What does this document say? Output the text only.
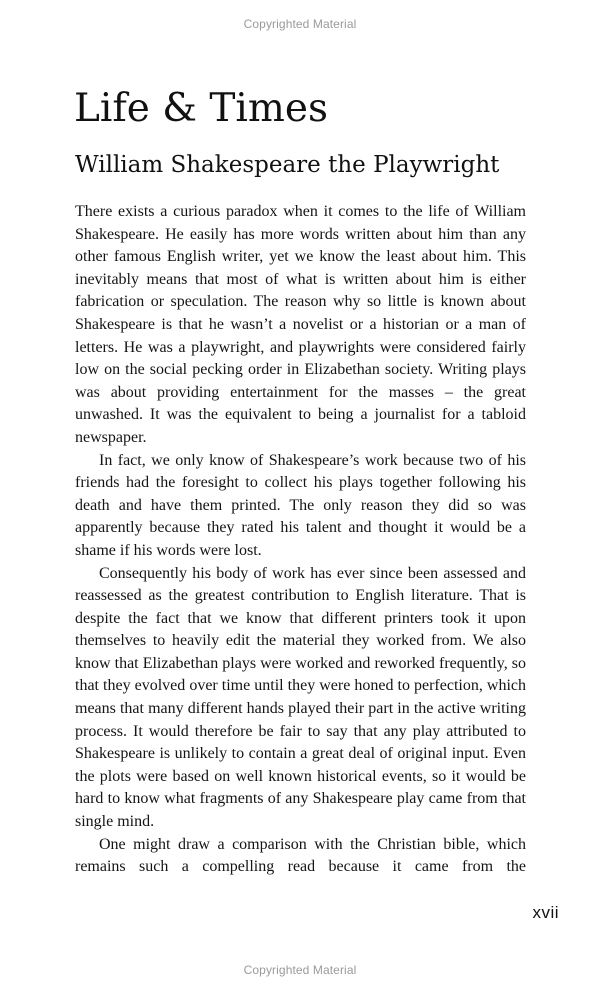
Copyrighted Material
Life & Times
William Shakespeare the Playwright

There exists a curious paradox when it comes to the life of William Shakespeare. He easily has more words written about him than any other famous English writer, yet we know the least about him. This inevitably means that most of what is written about him is either fabrication or speculation. The reason why so little is known about Shakespeare is that he wasn’t a novelist or a historian or a man of letters. He was a playwright, and playwrights were considered fairly low on the social pecking order in Elizabethan society. Writing plays was about providing entertainment for the masses – the great unwashed. It was the equivalent to being a journalist for a tabloid newspaper.

In fact, we only know of Shakespeare’s work because two of his friends had the foresight to collect his plays together following his death and have them printed. The only reason they did so was apparently because they rated his talent and thought it would be a shame if his words were lost.

Consequently his body of work has ever since been assessed and reassessed as the greatest contribution to English literature. That is despite the fact that we know that different printers took it upon themselves to heavily edit the material they worked from. We also know that Elizabethan plays were worked and reworked frequently, so that they evolved over time until they were honed to perfection, which means that many different hands played their part in the active writing process. It would therefore be fair to say that any play attributed to Shakespeare is unlikely to contain a great deal of original input. Even the plots were based on well known historical events, so it would be hard to know what fragments of any Shakespeare play came from that single mind.

One might draw a comparison with the Christian bible, which remains such a compelling read because it came from the

xvii
Copyrighted Material
